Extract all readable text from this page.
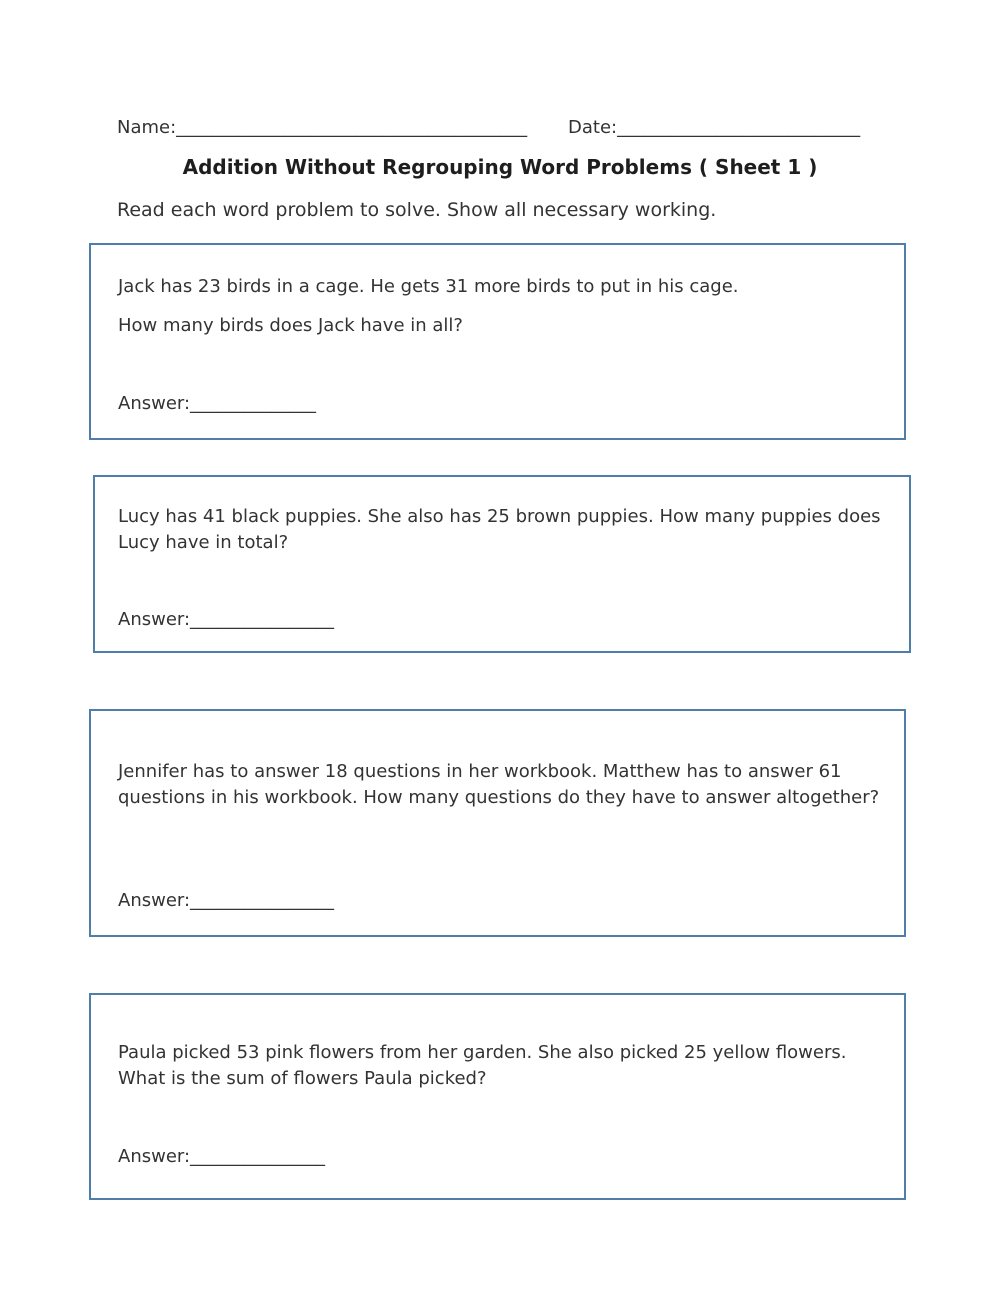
Name:_______________________________________ Date:___________________________
Addition Without Regrouping Word Problems ( Sheet 1 )
Read each word problem to solve. Show all necessary working.
Jack has 23 birds in a cage. He gets 31 more birds to put in his cage.
How many birds does Jack have in all?
Answer:______________
Lucy has 41 black puppies. She also has 25 brown puppies. How many puppies does Lucy have in total?
Answer:________________
Jennifer has to answer 18 questions in her workbook. Matthew has to answer 61 questions in his workbook. How many questions do they have to answer altogether?
Answer:________________
Paula picked 53 pink flowers from her garden. She also picked 25 yellow flowers. What is the sum of flowers Paula picked?
Answer:_______________
